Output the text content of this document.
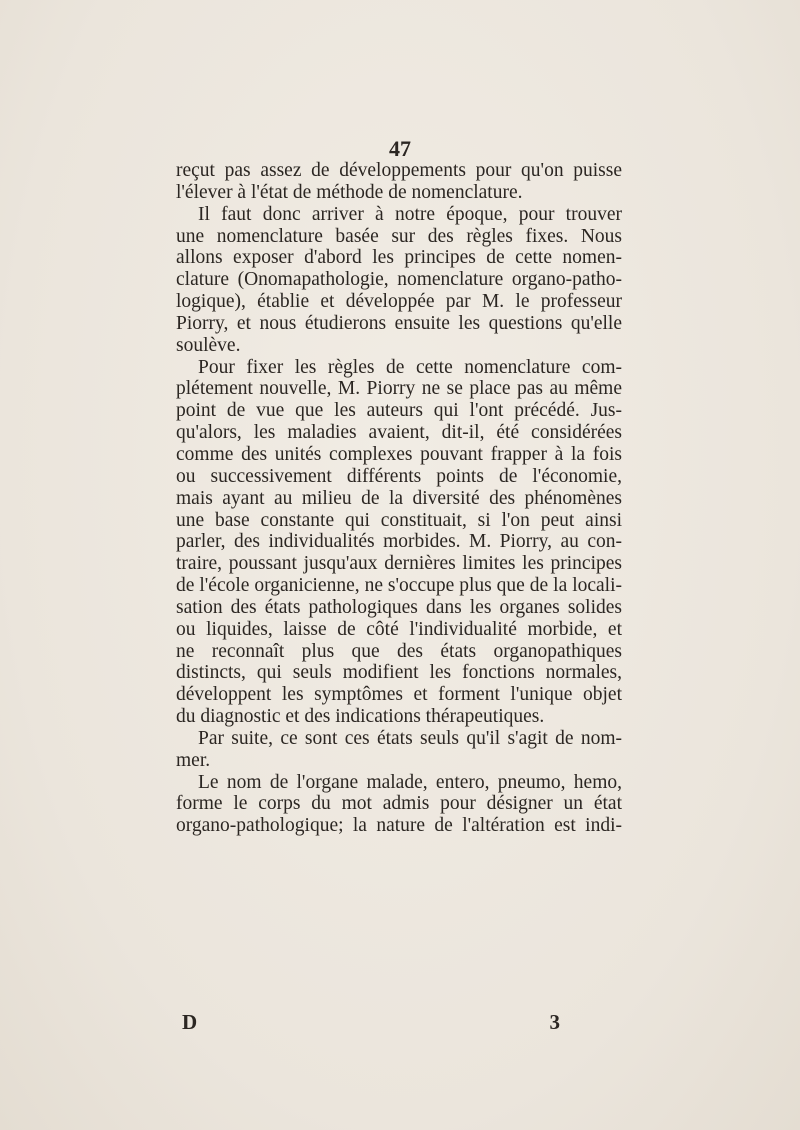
47
reçut pas assez de développements pour qu'on puisse
l'élever à l'état de méthode de nomenclature.
Il faut donc arriver à notre époque, pour trouver
une nomenclature basée sur des règles fixes. Nous
allons exposer d'abord les principes de cette nomen-
clature (Onomapathologie, nomenclature organo-patho-
logique), établie et développée par M. le professeur
Piorry, et nous étudierons ensuite les questions qu'elle
soulève.
Pour fixer les règles de cette nomenclature com-
plétement nouvelle, M. Piorry ne se place pas au même
point de vue que les auteurs qui l'ont précédé. Jus-
qu'alors, les maladies avaient, dit-il, été considérées
comme des unités complexes pouvant frapper à la fois
ou successivement différents points de l'économie,
mais ayant au milieu de la diversité des phénomènes
une base constante qui constituait, si l'on peut ainsi
parler, des individualités morbides. M. Piorry, au con-
traire, poussant jusqu'aux dernières limites les principes
de l'école organicienne, ne s'occupe plus que de la locali-
sation des états pathologiques dans les organes solides
ou liquides, laisse de côté l'individualité morbide, et
ne reconnaît plus que des états organopathiques
distincts, qui seuls modifient les fonctions normales,
développent les symptômes et forment l'unique objet
du diagnostic et des indications thérapeutiques.
Par suite, ce sont ces états seuls qu'il s'agit de nom-
mer.
Le nom de l'organe malade, entero, pneumo, hemo,
forme le corps du mot admis pour désigner un état
organo-pathologique; la nature de l'altération est indi-
D	3
